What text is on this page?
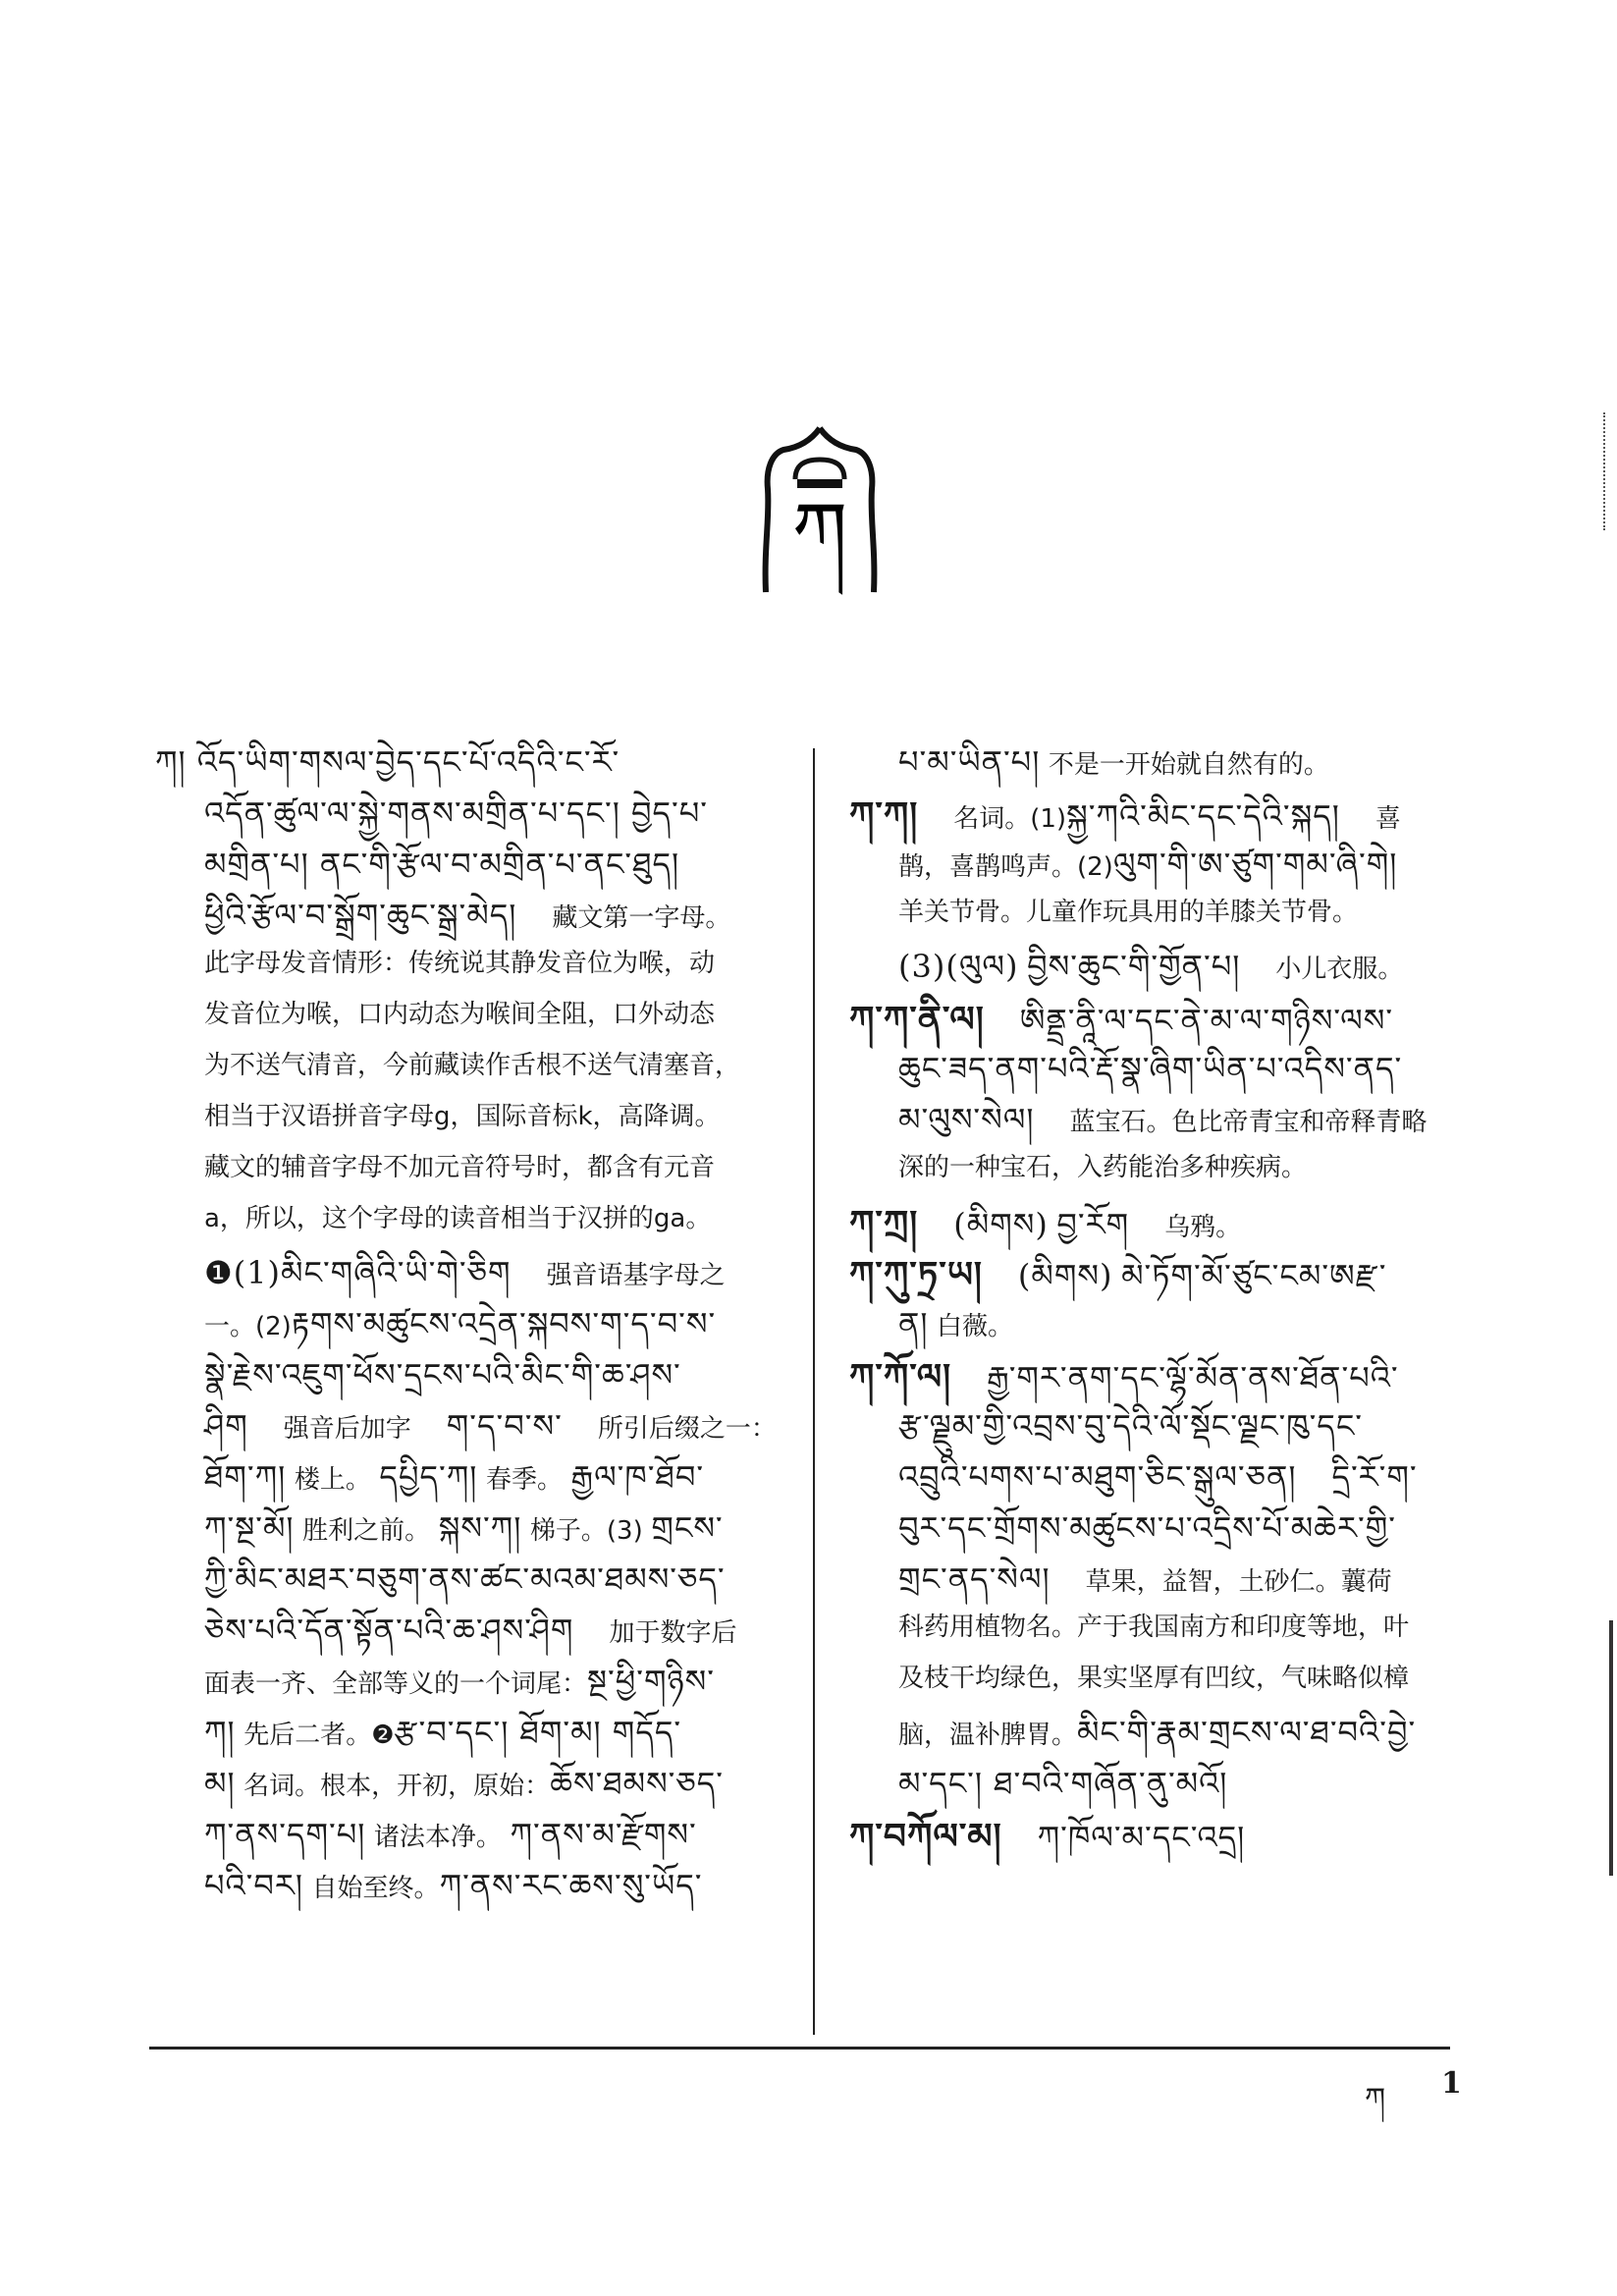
ཀ

ཀ། འོད་ཡིག་གསལ་བྱེད་དང་པོ་འདིའི་ང་རོ་

འདོན་ཚུལ་ལ་སྐྱེ་གནས་མགྲིན་པ་དང་། བྱེད་པ་

མགྲིན་པ། ནང་གི་རྩོལ་བ་མགྲིན་པ་ནང་ཐུད།

ཕྱིའི་རྩོལ་བ་སྒྲོག་ཆུང་སྒྲ་མེད། 藏文第一字母。

此字母发音情形：传统说其静发音位为喉，动

发音位为喉，口内动态为喉间全阻，口外动态

为不送气清音，今前藏读作舌根不送气清塞音，

相当于汉语拼音字母g，国际音标k，高降调。

藏文的辅音字母不加元音符号时，都含有元音

a，所以，这个字母的读音相当于汉拼的ga。

❶(1)མིང་གཞིའི་ཡི་གེ་ཅིག 强音语基字母之

一。(2)རྟགས་མཚུངས་འདྲེན་སྐབས་ག་ད་བ་ས་

སྣེ་རྗེས་འཇུག་ཕོས་དྲངས་པའི་མིང་གི་ཆ་ཤས་

ཤིག 强音后加字 ག་ད་བ་ས་ 所引后缀之一：

ཐོག་ཀ། 楼上。 དཔྱིད་ཀ། 春季。 རྒྱལ་ཁ་ཐོབ་

ཀ་སྔ་མོ། 胜利之前。 སྐས་ཀ། 梯子。(3) གྲངས་

ཀྱི་མིང་མཐར་བཅུག་ནས་ཚང་མའམ་ཐམས་ཅད་

ཅེས་པའི་དོན་སྟོན་པའི་ཆ་ཤས་ཤིག 加于数字后

面表一齐、全部等义的一个词尾：སྔ་ཕྱི་གཉིས་

ཀ། 先后二者。❷རྩ་བ་དང་། ཐོག་མ། གདོད་

མ། 名词。根本，开初，原始：ཆོས་ཐམས་ཅད་

ཀ་ནས་དག་པ། 诸法本净。 ཀ་ནས་མ་རྫོགས་

པའི་བར། 自始至终。ཀ་ནས་རང་ཆས་སུ་ཡོད་

པ་མ་ཡིན་པ། 不是一开始就自然有的。

ཀ་ཀ། 名词。(1)སྐྱ་ཀའི་མིང་དང་དེའི་སྐད། 喜

鹊，喜鹊鸣声。(2)ལུག་གི་ཨ་ཙུག་གམ་ཞི་གེ།

羊关节骨。儿童作玩具用的羊膝关节骨。

(3)(ལུལ) བྱིས་ཆུང་གི་གྱོན་པ། 小儿衣服。

ཀ་ཀ་ནི་ལ། ཨིནྡྲ་ནཱི་ལ་དང་ནེ་མ་ལ་གཉིས་ལས་

ཆུང་ཟད་ནག་པའི་རྡོ་སྣ་ཞིག་ཡིན་པ་འདིས་ནད་

མ་ལུས་སེལ། 蓝宝石。色比帝青宝和帝释青略

深的一种宝石，入药能治多种疾病。

ཀ་ཀྲ། (མིགས) བྱ་རོག 乌鸦。

ཀ་ཀུ་ཏྲ་ཡ། (མིགས) མེ་ཏོག་མོ་ཙུང་ངམ་ཨརྫ་

ན། 白薇。

ཀ་ཀོ་ལ། རྒྱ་གར་ནག་དང་ལྷོ་མོན་ནས་ཐོན་པའི་

རྩ་ལྗུམ་གྱི་འབྲས་བུ་དེའི་ལོ་སྡོང་ལྗང་ཁུ་དང་

འབྲུའི་པགས་པ་མཐུག་ཅིང་སྒུལ་ཅན། དྲི་རོ་ག་

བུར་དང་གྲོགས་མཚུངས་པ་འདྲིས་པོ་མཆེར་གྱི་

གྲང་ནད་སེལ། 草果，益智，土砂仁。蘘荷

科药用植物名。产于我国南方和印度等地，叶

及枝干均绿色，果实坚厚有凹纹，气味略似樟

脑，温补脾胃。མིང་གི་རྣམ་གྲངས་ལ་ཐ་བའི་བྱེ་

མ་དང་། ཐ་བའི་གཞོན་ནུ་མའོ།

ཀ་བཀོལ་མ། ཀ་ཁོལ་མ་དང་འདྲ།

ཀ 1
